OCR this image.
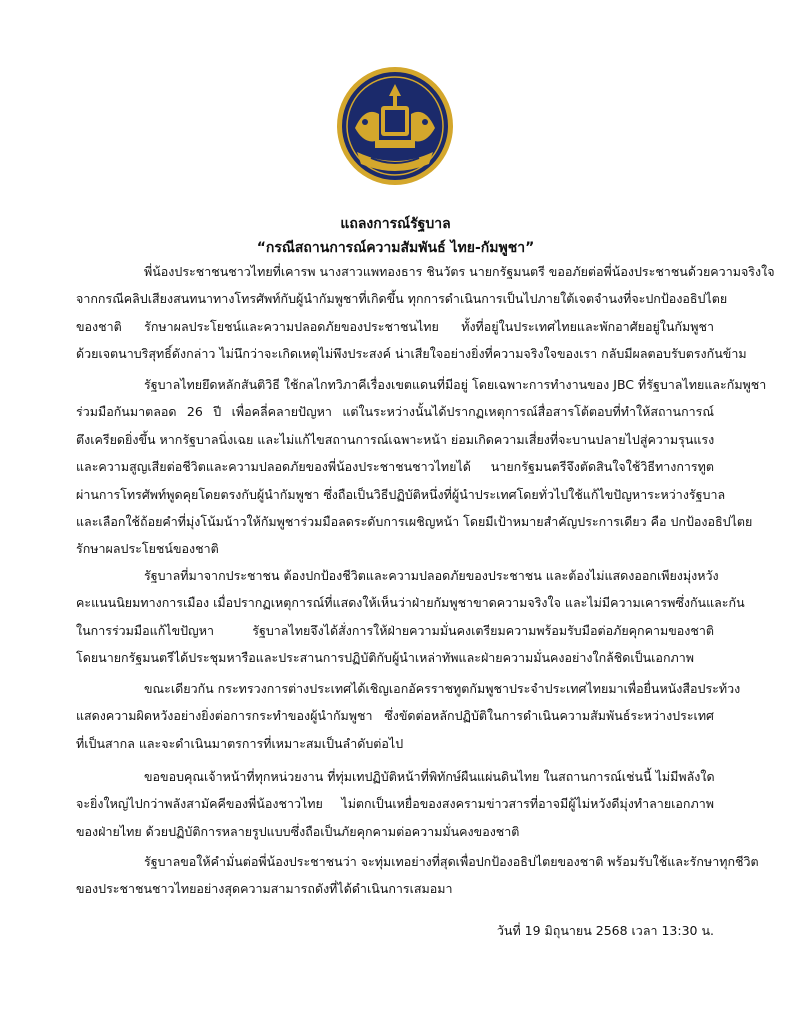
แถลงการณ์รัฐบาล
“กรณีสถานการณ์ความสัมพันธ์ ไทย-กัมพูชา”
พี่น้องประชาชนชาวไทยที่เคารพ นางสาวแพทองธาร ชินวัตร นายกรัฐมนตรี ขออภัยต่อพี่น้องประชาชนด้วยความจริงใจ
จากกรณีคลิปเสียงสนทนาทางโทรศัพท์กับผู้นำกัมพูชาที่เกิดขึ้น ทุกการดำเนินการเป็นไปภายใต้เจตจำนงที่จะปกป้องอธิปไตย
ของชาติ รักษาผลประโยชน์และความปลอดภัยของประชาชนไทย ทั้งที่อยู่ในประเทศไทยและพักอาศัยอยู่ในกัมพูชา
ด้วยเจตนาบริสุทธิ์ดังกล่าว ไม่นึกว่าจะเกิดเหตุไม่พึงประสงค์ น่าเสียใจอย่างยิ่งที่ความจริงใจของเรา กลับมีผลตอบรับตรงกันข้าม
รัฐบาลไทยยึดหลักสันติวิธี ใช้กลไกทวิภาคีเรื่องเขตแดนที่มีอยู่ โดยเฉพาะการทำงานของ JBC ที่รัฐบาลไทยและกัมพูชา
ร่วมมือกันมาตลอด 26 ปี เพื่อคลี่คลายปัญหา แต่ในระหว่างนั้นได้ปรากฏเหตุการณ์สื่อสารโต้ตอบที่ทำให้สถานการณ์
ตึงเครียดยิ่งขึ้น หากรัฐบาลนิ่งเฉย และไม่แก้ไขสถานการณ์เฉพาะหน้า ย่อมเกิดความเสี่ยงที่จะบานปลายไปสู่ความรุนแรง
และความสูญเสียต่อชีวิตและความปลอดภัยของพี่น้องประชาชนชาวไทยได้ นายกรัฐมนตรีจึงตัดสินใจใช้วิธีทางการทูต
ผ่านการโทรศัพท์พูดคุยโดยตรงกับผู้นำกัมพูชา ซึ่งถือเป็นวิธีปฏิบัติหนึ่งที่ผู้นำประเทศโดยทั่วไปใช้แก้ไขปัญหาระหว่างรัฐบาล
และเลือกใช้ถ้อยคำที่มุ่งโน้มน้าวให้กัมพูชาร่วมมือลดระดับการเผชิญหน้า โดยมีเป้าหมายสำคัญประการเดียว คือ ปกป้องอธิปไตย
รักษาผลประโยชน์ของชาติ
รัฐบาลที่มาจากประชาชน ต้องปกป้องชีวิตและความปลอดภัยของประชาชน และต้องไม่แสดงออกเพียงมุ่งหวัง
คะแนนนิยมทางการเมือง เมื่อปรากฏเหตุการณ์ที่แสดงให้เห็นว่าฝ่ายกัมพูชาขาดความจริงใจ และไม่มีความเคารพซึ่งกันและกัน
ในการร่วมมือแก้ไขปัญหา รัฐบาลไทยจึงได้สั่งการให้ฝ่ายความมั่นคงเตรียมความพร้อมรับมือต่อภัยคุกคามของชาติ
โดยนายกรัฐมนตรีได้ประชุมหารือและประสานการปฏิบัติกับผู้นำเหล่าทัพและฝ่ายความมั่นคงอย่างใกล้ชิดเป็นเอกภาพ
ขณะเดียวกัน กระทรวงการต่างประเทศได้เชิญเอกอัครราชทูตกัมพูชาประจำประเทศไทยมาเพื่อยื่นหนังสือประท้วง
แสดงความผิดหวังอย่างยิ่งต่อการกระทำของผู้นำกัมพูชา ซึ่งขัดต่อหลักปฏิบัติในการดำเนินความสัมพันธ์ระหว่างประเทศ
ที่เป็นสากล และจะดำเนินมาตรการที่เหมาะสมเป็นลำดับต่อไป
ขอขอบคุณเจ้าหน้าที่ทุกหน่วยงาน ที่ทุ่มเทปฏิบัติหน้าที่พิทักษ์ผืนแผ่นดินไทย ในสถานการณ์เช่นนี้ ไม่มีพลังใด
จะยิ่งใหญ่ไปกว่าพลังสามัคคีของพี่น้องชาวไทย ไม่ตกเป็นเหยื่อของสงครามข่าวสารที่อาจมีผู้ไม่หวังดีมุ่งทำลายเอกภาพ
ของฝ่ายไทย ด้วยปฏิบัติการหลายรูปแบบซึ่งถือเป็นภัยคุกคามต่อความมั่นคงของชาติ
รัฐบาลขอให้คำมั่นต่อพี่น้องประชาชนว่า จะทุ่มเทอย่างที่สุดเพื่อปกป้องอธิปไตยของชาติ พร้อมรับใช้และรักษาทุกชีวิต
ของประชาชนชาวไทยอย่างสุดความสามารถดังที่ได้ดำเนินการเสมอมา
วันที่ 19 มิถุนายน 2568 เวลา 13:30 น.
